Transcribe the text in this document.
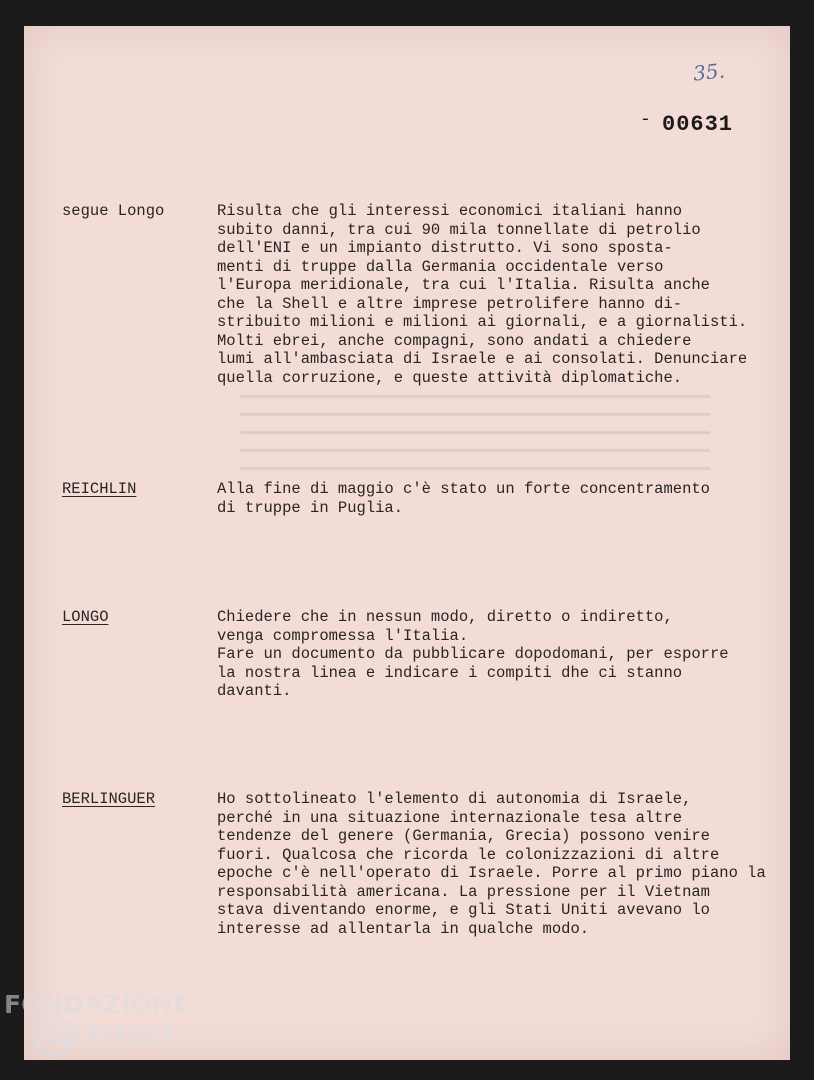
35.
- 00631
segue Longo	Risulta che gli interessi economici italiani hanno
subito danni, tra cui 90 mila tonnellate di petrolio
dell'ENI e un impianto distrutto. Vi sono sposta-
menti di truppe dalla Germania occidentale verso
l'Europa meridionale, tra cui l'Italia. Risulta anche
che la Shell e altre imprese petrolifere hanno di-
stribuito milioni e milioni ai giornali, e a giornalisti.
Molti ebrei, anche compagni, sono andati a chiedere
lumi all'ambasciata di Israele e ai consolati. Denunciare
quella corruzione, e queste attività diplomatiche.
REICHLIN	Alla fine di maggio c'è stato un forte concentramento
di truppe in Puglia.
LONGO	Chiedere che in nessun modo, diretto o indiretto,
venga compromessa l'Italia.
Fare un documento da pubblicare dopodomani, per esporre
la nostra linea e indicare i compiti dhe ci stanno
davanti.
BERLINGUER	Ho sottolineato l'elemento di autonomia di Israele,
perché in una situazione internazionale tesa altre
tendenze del genere (Germania, Grecia) possono venire
fuori. Qualcosa che ricorda le colonizzazioni di altre
epoche c'è nell'operato di Israele. Porre al primo piano la
responsabilità americana. La pressione per il Vietnam
stava diventando enorme, e gli Stati Uniti avevano lo
interesse ad allentarla in qualche modo.
FONDAZIONE
GRAMSCI
